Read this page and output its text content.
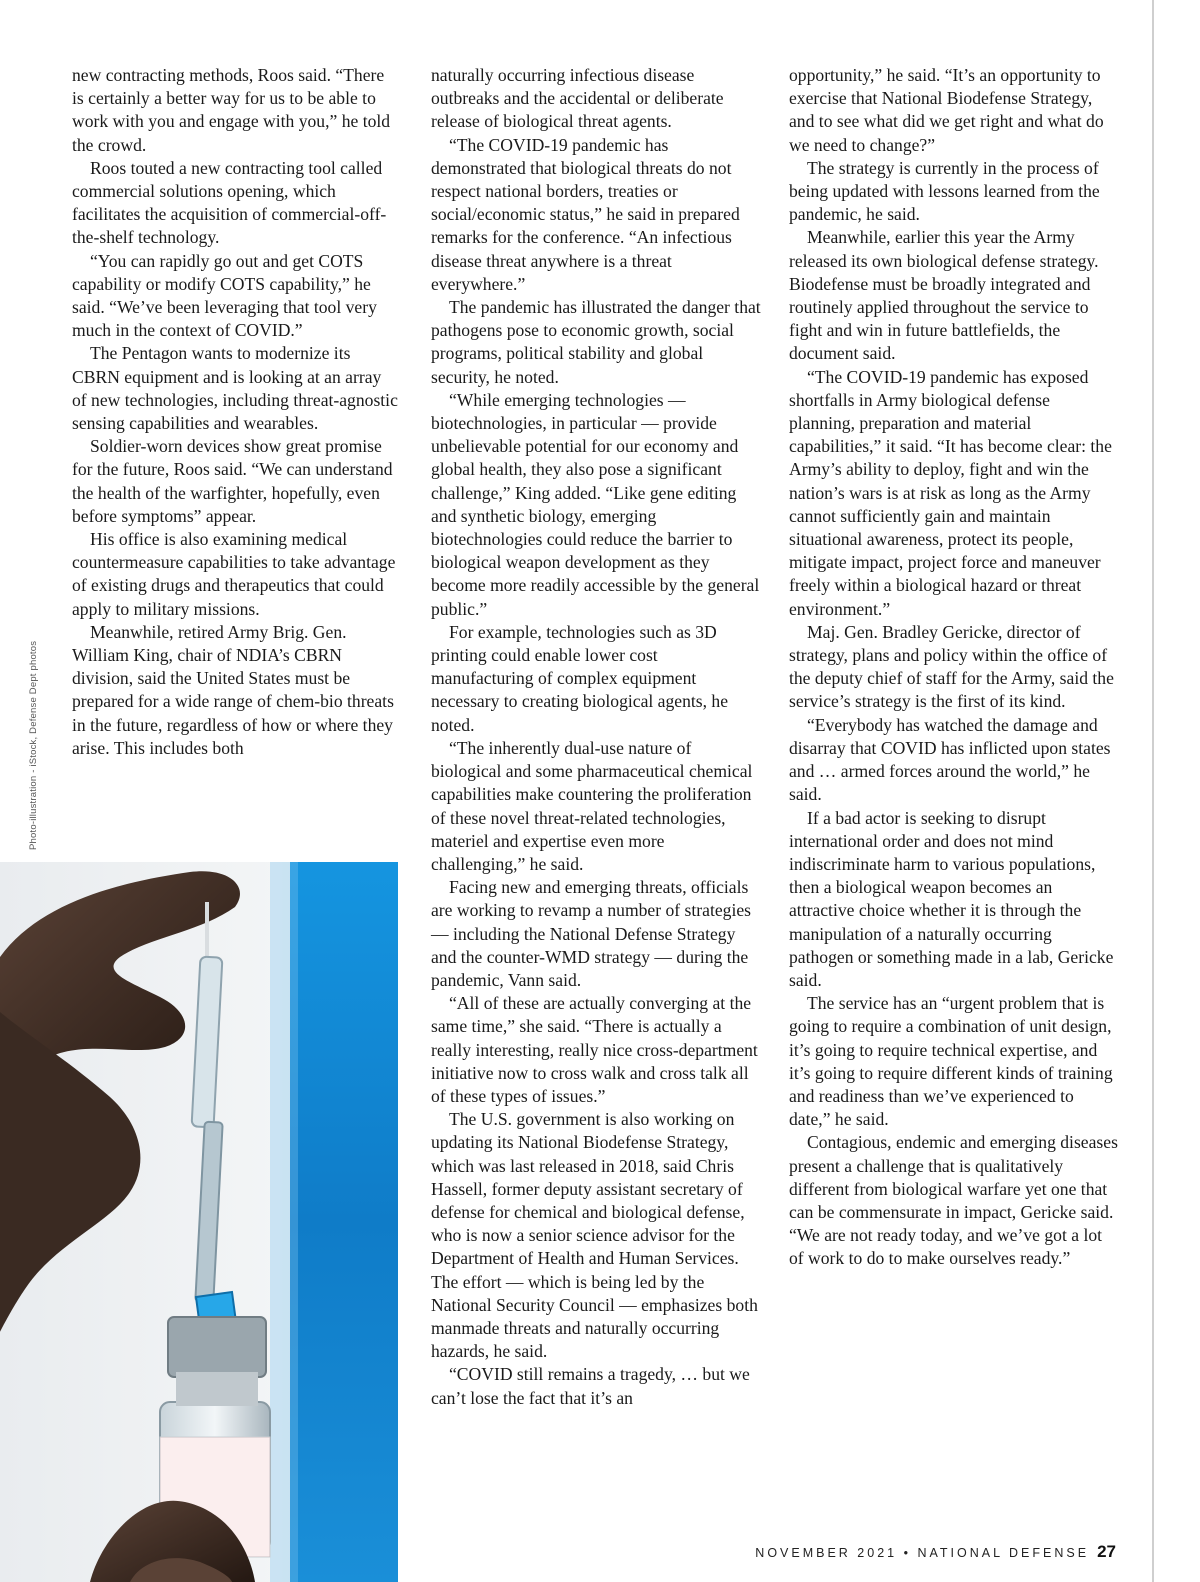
Photo-illustration - iStock, Defense Dept photos

new contracting methods, Roos said. “There is certainly a better way for us to be able to work with you and engage with you,” he told the crowd.

Roos touted a new contracting tool called commercial solutions opening, which facilitates the acquisition of commercial-off-the-shelf technology.

“You can rapidly go out and get COTS capability or modify COTS capability,” he said. “We’ve been leveraging that tool very much in the context of COVID.”

The Pentagon wants to modernize its CBRN equipment and is looking at an array of new technologies, including threat-agnostic sensing capabilities and wearables.

Soldier-worn devices show great promise for the future, Roos said. “We can understand the health of the warfighter, hopefully, even before symptoms” appear.

His office is also examining medical countermeasure capabilities to take advantage of existing drugs and therapeutics that could apply to military missions.

Meanwhile, retired Army Brig. Gen. William King, chair of NDIA’s CBRN division, said the United States must be prepared for a wide range of chem-bio threats in the future, regardless of how or where they arise. This includes both

naturally occurring infectious disease outbreaks and the accidental or deliberate release of biological threat agents.

“The COVID-19 pandemic has demonstrated that biological threats do not respect national borders, treaties or social/economic status,” he said in prepared remarks for the conference. “An infectious disease threat anywhere is a threat everywhere.”

The pandemic has illustrated the danger that pathogens pose to economic growth, social programs, political stability and global security, he noted.

“While emerging technologies — biotechnologies, in particular — provide unbelievable potential for our economy and global health, they also pose a significant challenge,” King added. “Like gene editing and synthetic biology, emerging biotechnologies could reduce the barrier to biological weapon development as they become more readily accessible by the general public.”

For example, technologies such as 3D printing could enable lower cost manufacturing of complex equipment necessary to creating biological agents, he noted.

“The inherently dual-use nature of biological and some pharmaceutical chemical capabilities make countering the proliferation of these novel threat-related technologies, materiel and expertise even more challenging,” he said.

Facing new and emerging threats, officials are working to revamp a number of strategies — including the National Defense Strategy and the counter-WMD strategy — during the pandemic, Vann said.

“All of these are actually converging at the same time,” she said. “There is actually a really interesting, really nice cross-department initiative now to cross walk and cross talk all of these types of issues.”

The U.S. government is also working on updating its National Biodefense Strategy, which was last released in 2018, said Chris Hassell, former deputy assistant secretary of defense for chemical and biological defense, who is now a senior science advisor for the Department of Health and Human Services. The effort — which is being led by the National Security Council — emphasizes both manmade threats and naturally occurring hazards, he said.

“COVID still remains a tragedy, … but we can’t lose the fact that it’s an

opportunity,” he said. “It’s an opportunity to exercise that National Biodefense Strategy, and to see what did we get right and what do we need to change?”

The strategy is currently in the process of being updated with lessons learned from the pandemic, he said.

Meanwhile, earlier this year the Army released its own biological defense strategy. Biodefense must be broadly integrated and routinely applied throughout the service to fight and win in future battlefields, the document said.

“The COVID-19 pandemic has exposed shortfalls in Army biological defense planning, preparation and material capabilities,” it said. “It has become clear: the Army’s ability to deploy, fight and win the nation’s wars is at risk as long as the Army cannot sufficiently gain and maintain situational awareness, protect its people, mitigate impact, project force and maneuver freely within a biological hazard or threat environment.”

Maj. Gen. Bradley Gericke, director of strategy, plans and policy within the office of the deputy chief of staff for the Army, said the service’s strategy is the first of its kind.

“Everybody has watched the damage and disarray that COVID has inflicted upon states and … armed forces around the world,” he said.

If a bad actor is seeking to disrupt international order and does not mind indiscriminate harm to various populations, then a biological weapon becomes an attractive choice whether it is through the manipulation of a naturally occurring pathogen or something made in a lab, Gericke said.

The service has an “urgent problem that is going to require a combination of unit design, it’s going to require technical expertise, and it’s going to require different kinds of training and readiness than we’ve experienced to date,” he said.

Contagious, endemic and emerging diseases present a challenge that is qualitatively different from biological warfare yet one that can be commensurate in impact, Gericke said. “We are not ready today, and we’ve got a lot of work to do to make ourselves ready.”

NOVEMBER 2021 • NATIONAL DEFENSE 27
